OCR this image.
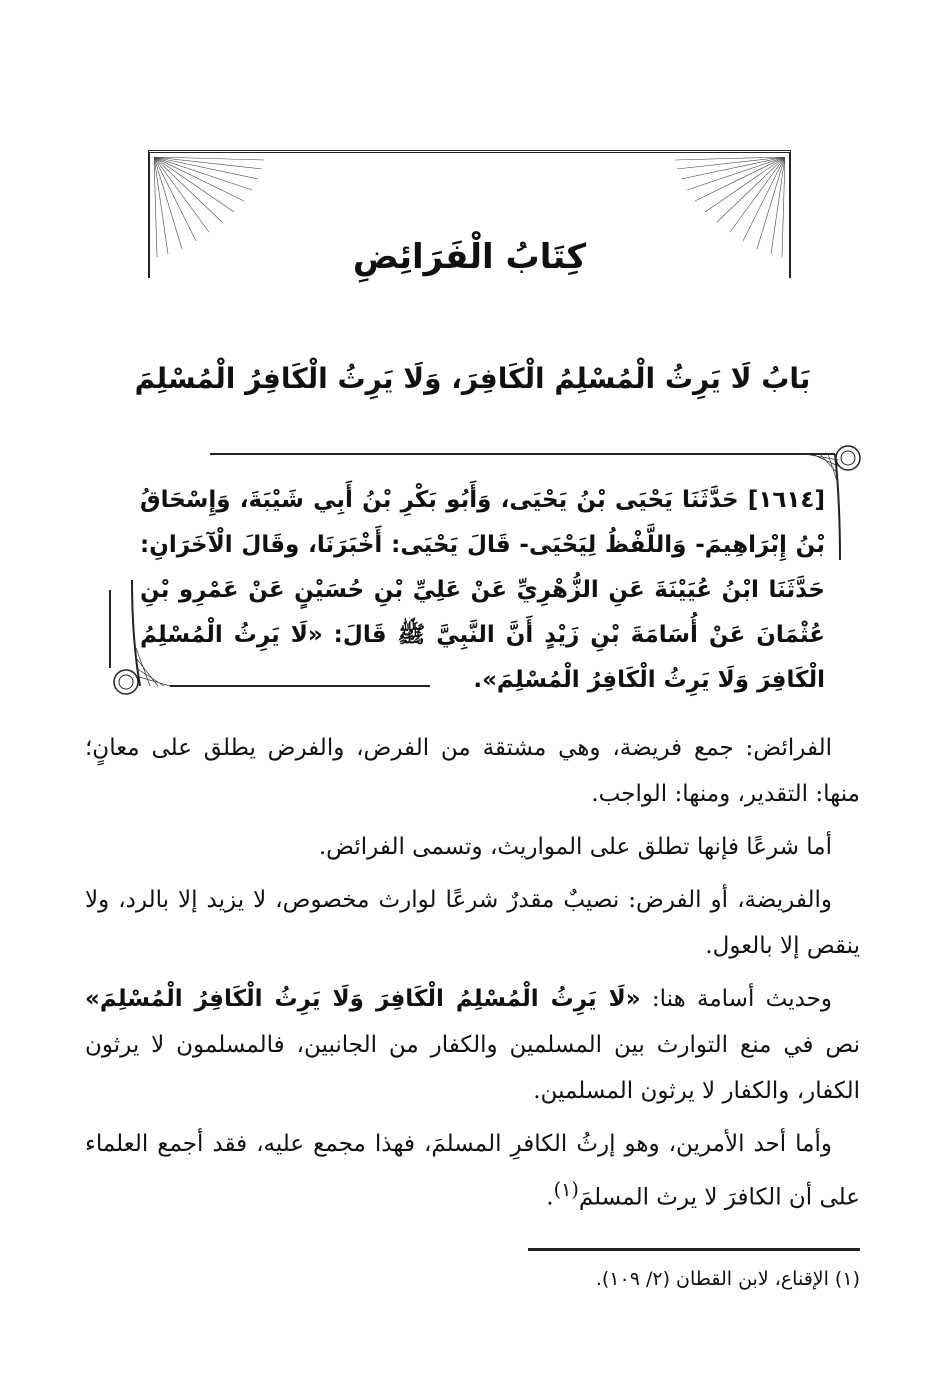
كِتَابُ الْفَرَائِضِ
بَابُ لَا يَرِثُ الْمُسْلِمُ الْكَافِرَ، وَلَا يَرِثُ الْكَافِرُ الْمُسْلِمَ
[١٦١٤] حَدَّثَنَا يَحْيَى بْنُ يَحْيَى، وَأَبُو بَكْرِ بْنُ أَبِي شَيْبَةَ، وَإِسْحَاقُ بْنُ إِبْرَاهِيمَ- وَاللَّفْظُ لِيَحْيَى- قَالَ يَحْيَى: أَخْبَرَنَا، وقَالَ الْآخَرَانِ: حَدَّثَنَا ابْنُ عُيَيْنَةَ عَنِ الزُّهْرِيِّ عَنْ عَلِيِّ بْنِ حُسَيْنٍ عَنْ عَمْرِو بْنِ عُثْمَانَ عَنْ أُسَامَةَ بْنِ زَيْدٍ أَنَّ النَّبِيَّ ﷺ قَالَ: «لَا يَرِثُ الْمُسْلِمُ الْكَافِرَ وَلَا يَرِثُ الْكَافِرُ الْمُسْلِمَ».

الفرائض: جمع فريضة، وهي مشتقة من الفرض، والفرض يطلق على معانٍ؛ منها: التقدير، ومنها: الواجب.

أما شرعًا فإنها تطلق على المواريث، وتسمى الفرائض.

والفريضة، أو الفرض: نصيبٌ مقدرٌ شرعًا لوارث مخصوص، لا يزيد إلا بالرد، ولا ينقص إلا بالعول.

وحديث أسامة هنا: «لَا يَرِثُ الْمُسْلِمُ الْكَافِرَ وَلَا يَرِثُ الْكَافِرُ الْمُسْلِمَ» نص في منع التوارث بين المسلمين والكفار من الجانبين، فالمسلمون لا يرثون الكفار، والكفار لا يرثون المسلمين.

وأما أحد الأمرين، وهو إرثُ الكافرِ المسلمَ، فهذا مجمع عليه، فقد أجمع العلماء على أن الكافرَ لا يرث المسلمَ$^{(١)}$.

(١) الإقناع، لابن القطان (٢/ ١٠٩).
